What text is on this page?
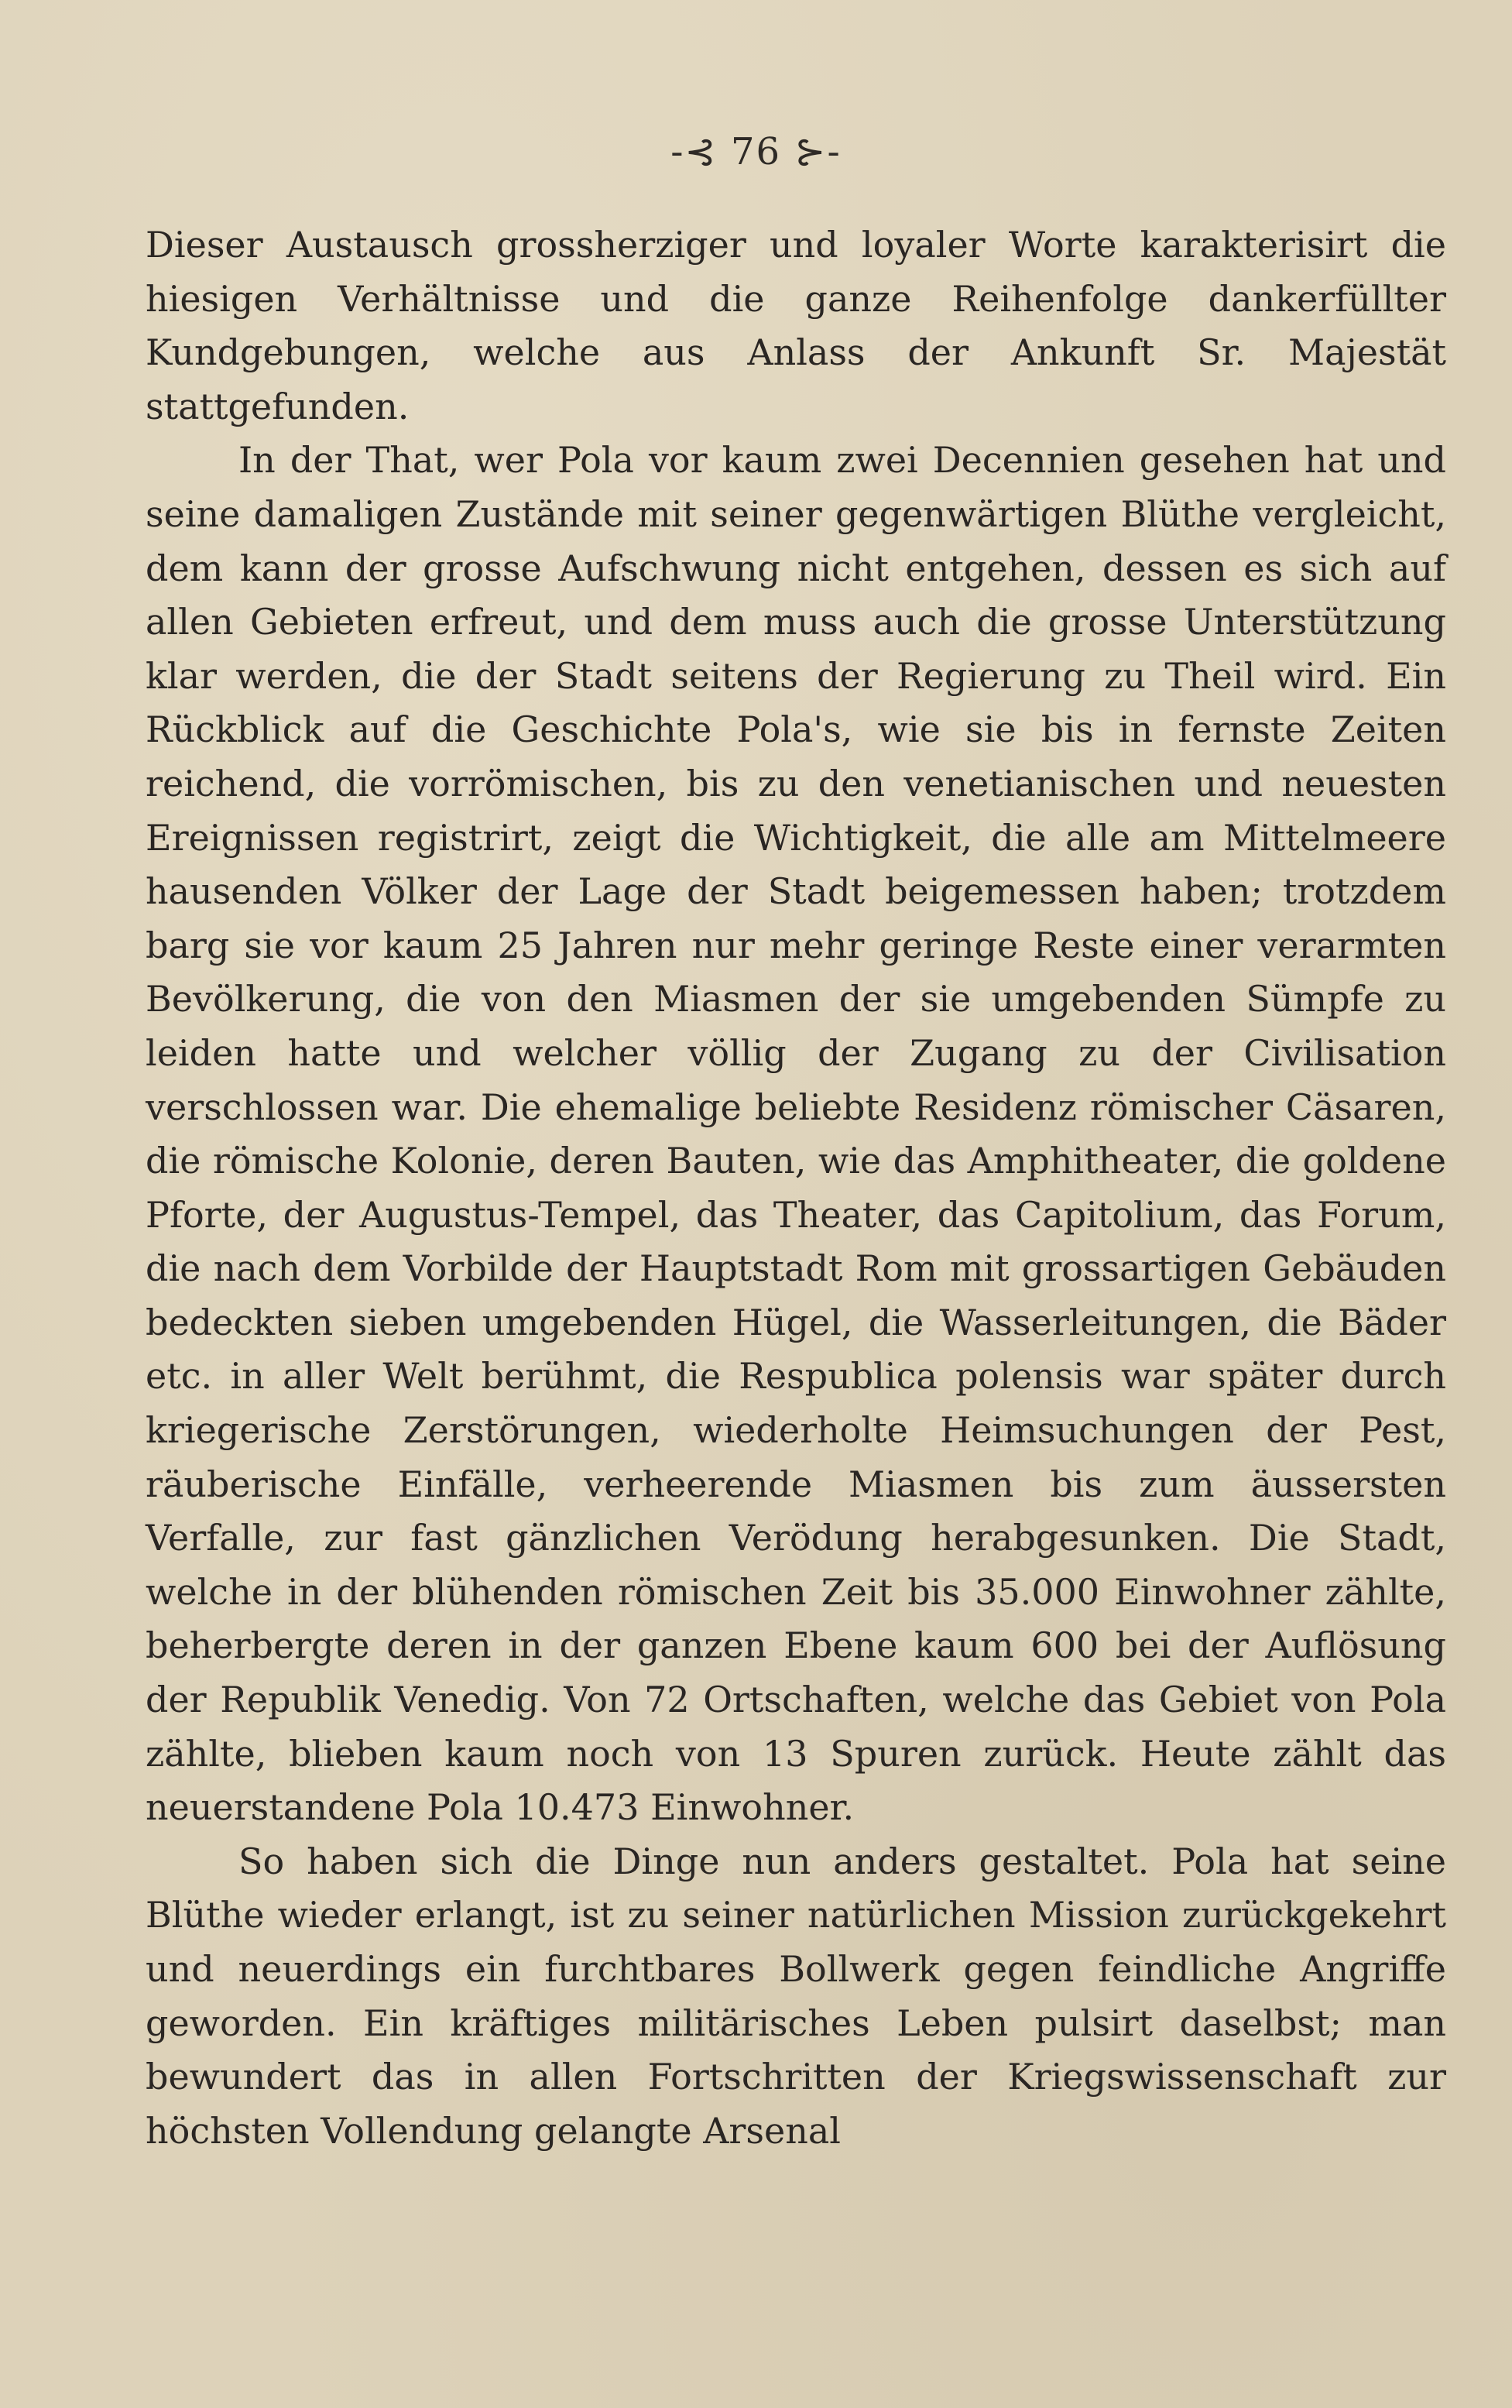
-⊰ 76 ⊱-

Dieser Austausch grossherziger und loyaler Worte karakterisirt die hiesigen Verhältnisse und die ganze Reihenfolge dankerfüllter Kundgebungen, welche aus Anlass der Ankunft Sr. Majestät stattgefunden.

In der That, wer Pola vor kaum zwei Decennien gesehen hat und seine damaligen Zustände mit seiner gegenwärtigen Blüthe vergleicht, dem kann der grosse Aufschwung nicht entgehen, dessen es sich auf allen Gebieten erfreut, und dem muss auch die grosse Unterstützung klar werden, die der Stadt seitens der Regierung zu Theil wird. Ein Rückblick auf die Geschichte Pola's, wie sie bis in fernste Zeiten reichend, die vorrömischen, bis zu den venetianischen und neuesten Ereignissen registrirt, zeigt die Wichtigkeit, die alle am Mittelmeere hausenden Völker der Lage der Stadt beigemessen haben; trotzdem barg sie vor kaum 25 Jahren nur mehr geringe Reste einer verarmten Bevölkerung, die von den Miasmen der sie umgebenden Sümpfe zu leiden hatte und welcher völlig der Zugang zu der Civilisation verschlossen war. Die ehemalige beliebte Residenz römischer Cäsaren, die römische Kolonie, deren Bauten, wie das Amphitheater, die goldene Pforte, der Augustus-Tempel, das Theater, das Capitolium, das Forum, die nach dem Vorbilde der Hauptstadt Rom mit grossartigen Gebäuden bedeckten sieben umgebenden Hügel, die Wasserleitungen, die Bäder etc. in aller Welt berühmt, die Respublica polensis war später durch kriegerische Zerstörungen, wiederholte Heimsuchungen der Pest, räuberische Einfälle, verheerende Miasmen bis zum äussersten Verfalle, zur fast gänzlichen Verödung herabgesunken. Die Stadt, welche in der blühenden römischen Zeit bis 35.000 Einwohner zählte, beherbergte deren in der ganzen Ebene kaum 600 bei der Auflösung der Republik Venedig. Von 72 Ortschaften, welche das Gebiet von Pola zählte, blieben kaum noch von 13 Spuren zurück. Heute zählt das neuerstandene Pola 10.473 Einwohner.

So haben sich die Dinge nun anders gestaltet. Pola hat seine Blüthe wieder erlangt, ist zu seiner natürlichen Mission zurückgekehrt und neuerdings ein furchtbares Bollwerk gegen feindliche Angriffe geworden. Ein kräftiges militärisches Leben pulsirt daselbst; man bewundert das in allen Fortschritten der Kriegswissenschaft zur höchsten Vollendung gelangte Arsenal
